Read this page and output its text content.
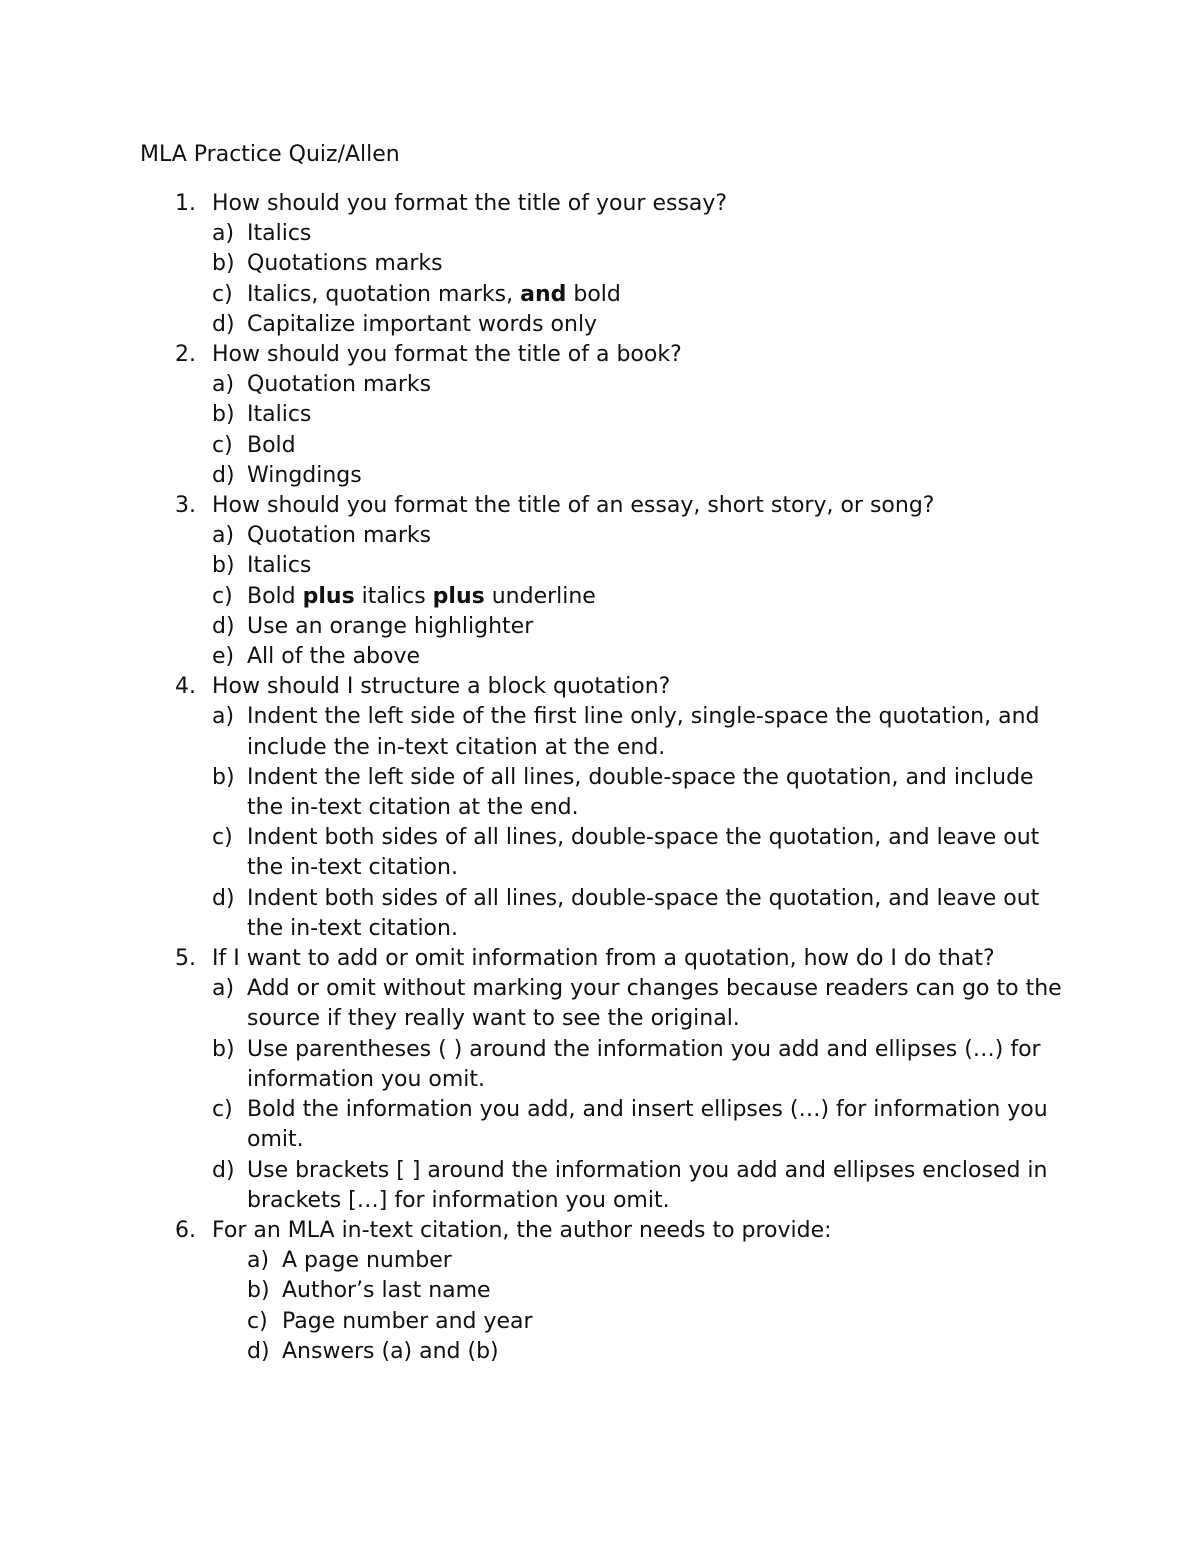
MLA Practice Quiz/Allen
1. How should you format the title of your essay?
a) Italics
b) Quotations marks
c) Italics, quotation marks, and bold
d) Capitalize important words only
2. How should you format the title of a book?
a) Quotation marks
b) Italics
c) Bold
d) Wingdings
3. How should you format the title of an essay, short story, or song?
a) Quotation marks
b) Italics
c) Bold plus italics plus underline
d) Use an orange highlighter
e) All of the above
4. How should I structure a block quotation?
a) Indent the left side of the first line only, single-space the quotation, and include the in-text citation at the end.
b) Indent the left side of all lines, double-space the quotation, and include the in-text citation at the end.
c) Indent both sides of all lines, double-space the quotation, and leave out the in-text citation.
d) Indent both sides of all lines, double-space the quotation, and leave out the in-text citation.
5. If I want to add or omit information from a quotation, how do I do that?
a) Add or omit without marking your changes because readers can go to the source if they really want to see the original.
b) Use parentheses ( ) around the information you add and ellipses (…) for information you omit.
c) Bold the information you add, and insert ellipses (…) for information you omit.
d) Use brackets [ ] around the information you add and ellipses enclosed in brackets […] for information you omit.
6. For an MLA in-text citation, the author needs to provide:
a) A page number
b) Author’s last name
c) Page number and year
d) Answers (a) and (b)
